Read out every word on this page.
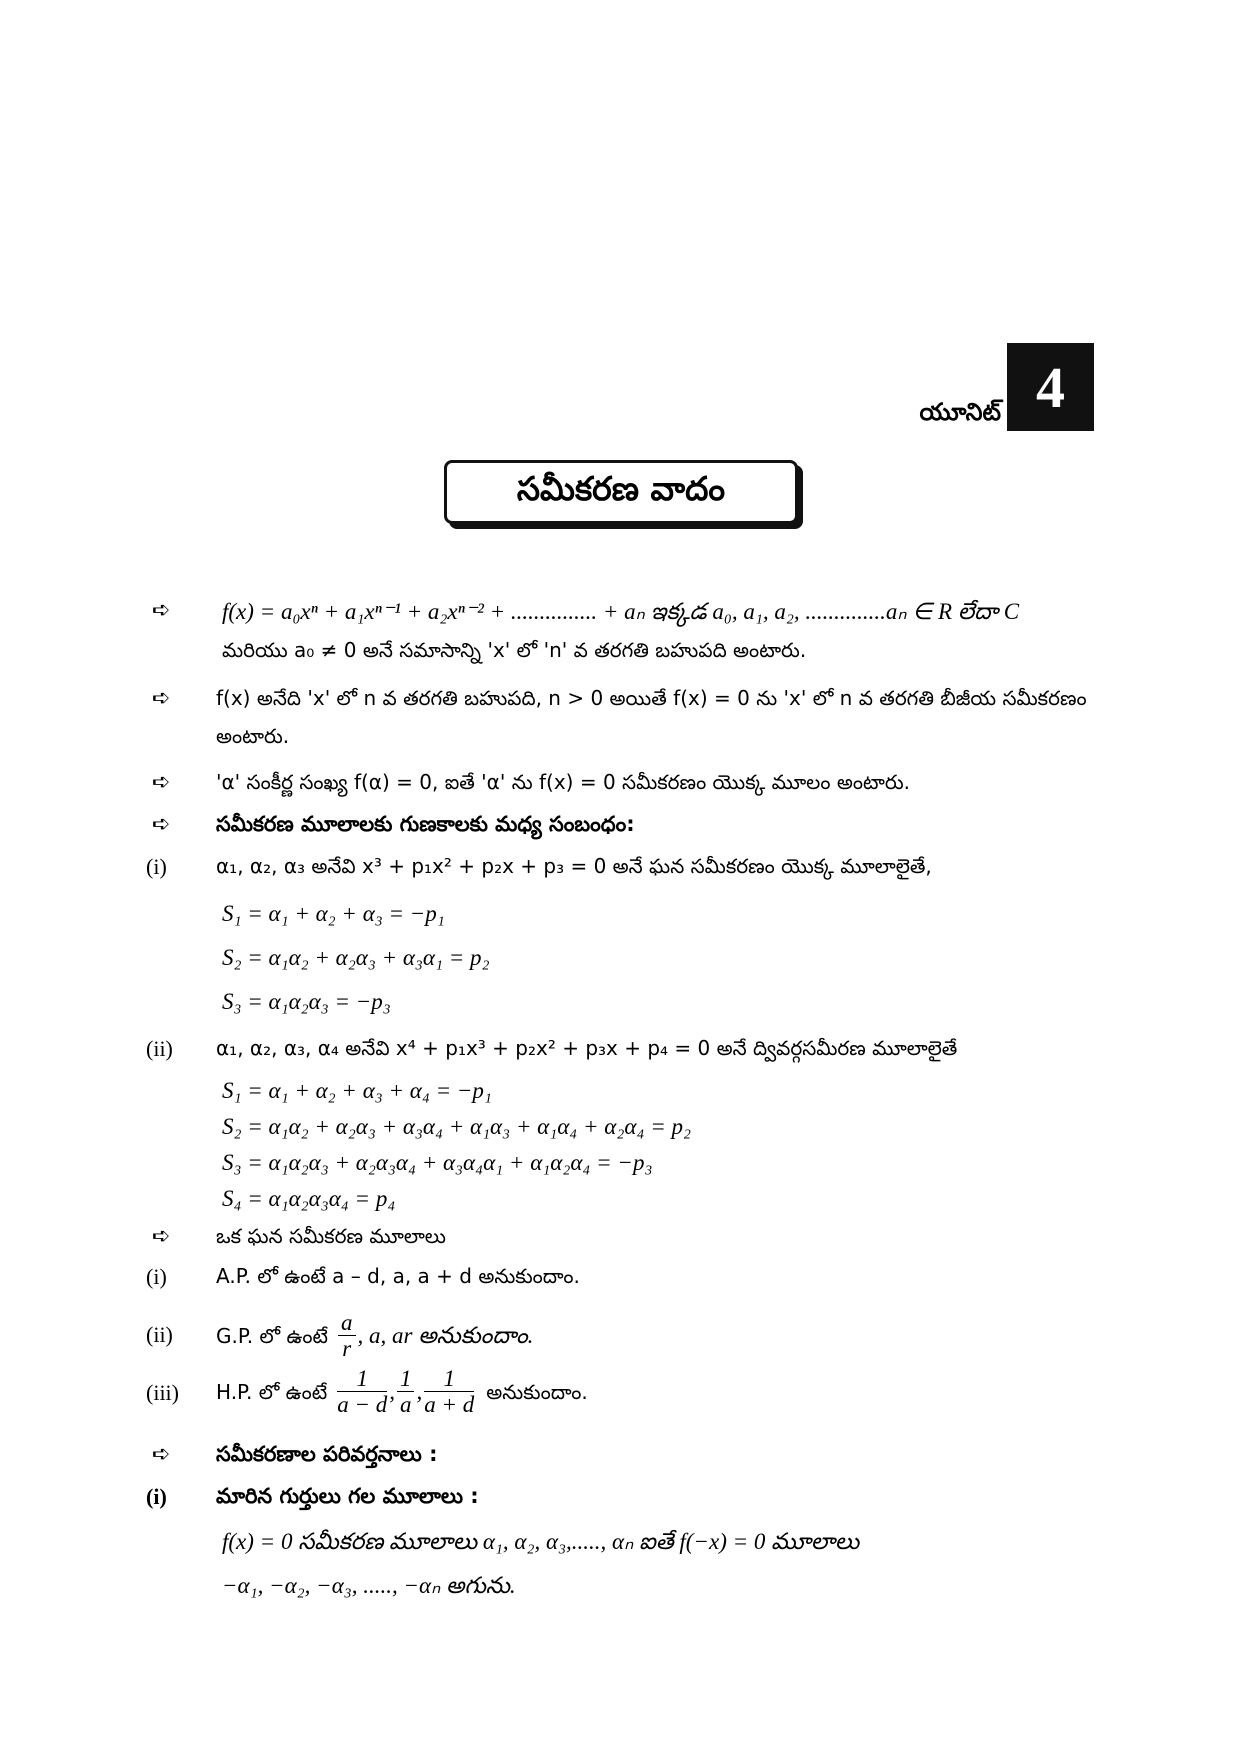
యూనిట్ 4
సమీకరణ వాదం
➪ f(x) = a₀xⁿ + a₁xⁿ⁻¹ + a₂xⁿ⁻² + ............... + aₙ ఇక్కడ a₀, a₁, a₂, ..............aₙ ∈ R లేదా C
మరియు a₀ ≠ 0 అనే సమాసాన్ని 'x' లో 'n' వ తరగతి బహుపది అంటారు.
➪ f(x) అనేది 'x' లో n వ తరగతి బహుపది, n > 0 అయితే f(x) = 0 ను 'x' లో n వ తరగతి బీజీయ సమీకరణం
అంటారు.
➪ 'α' సంకీర్ణ సంఖ్య f(α) = 0, ఐతే 'α' ను f(x) = 0 సమీకరణం యొక్క మూలం అంటారు.
➪ సమీకరణ మూలాలకు గుణకాలకు మధ్య సంబంధం:
(i) α₁, α₂, α₃ అనేవి x³ + p₁x² + p₂x + p₃ = 0 అనే ఘన సమీకరణం యొక్క మూలాలైతే,
S₁ = α₁ + α₂ + α₃ = −p₁
S₂ = α₁α₂ + α₂α₃ + α₃α₁ = p₂
S₃ = α₁α₂α₃ = −p₃
(ii) α₁, α₂, α₃, α₄ అనేవి x⁴ + p₁x³ + p₂x² + p₃x + p₄ = 0 అనే ద్వివర్గసమీరణ మూలాలైతే
S₁ = α₁ + α₂ + α₃ + α₄ = −p₁
S₂ = α₁α₂ + α₂α₃ + α₃α₄ + α₁α₃ + α₁α₄ + α₂α₄ = p₂
S₃ = α₁α₂α₃ + α₂α₃α₄ + α₃α₄α₁ + α₁α₂α₄ = −p₃
S₄ = α₁α₂α₃α₄ = p₄
➪ ఒక ఘన సమీకరణ మూలాలు
(i) A.P. లో ఉంటే a – d, a, a + d అనుకుందాం.
(ii) G.P. లో ఉంటే $\frac{a}{r}$ , a, ar అనుకుందాం.
(iii) H.P. లో ఉంటే $\frac{1}{a - d}$ , $\frac{1}{a}$ , $\frac{1}{a + d}$ అనుకుందాం.
➪ సమీకరణాల పరివర్తనాలు :
(i) మారిన గుర్తులు గల మూలాలు :
f(x) = 0 సమీకరణ మూలాలు α₁, α₂, α₃,....., αₙ ఐతే f(−x) = 0 మూలాలు
−α₁, −α₂, −α₃, ....., −αₙ అగును.
